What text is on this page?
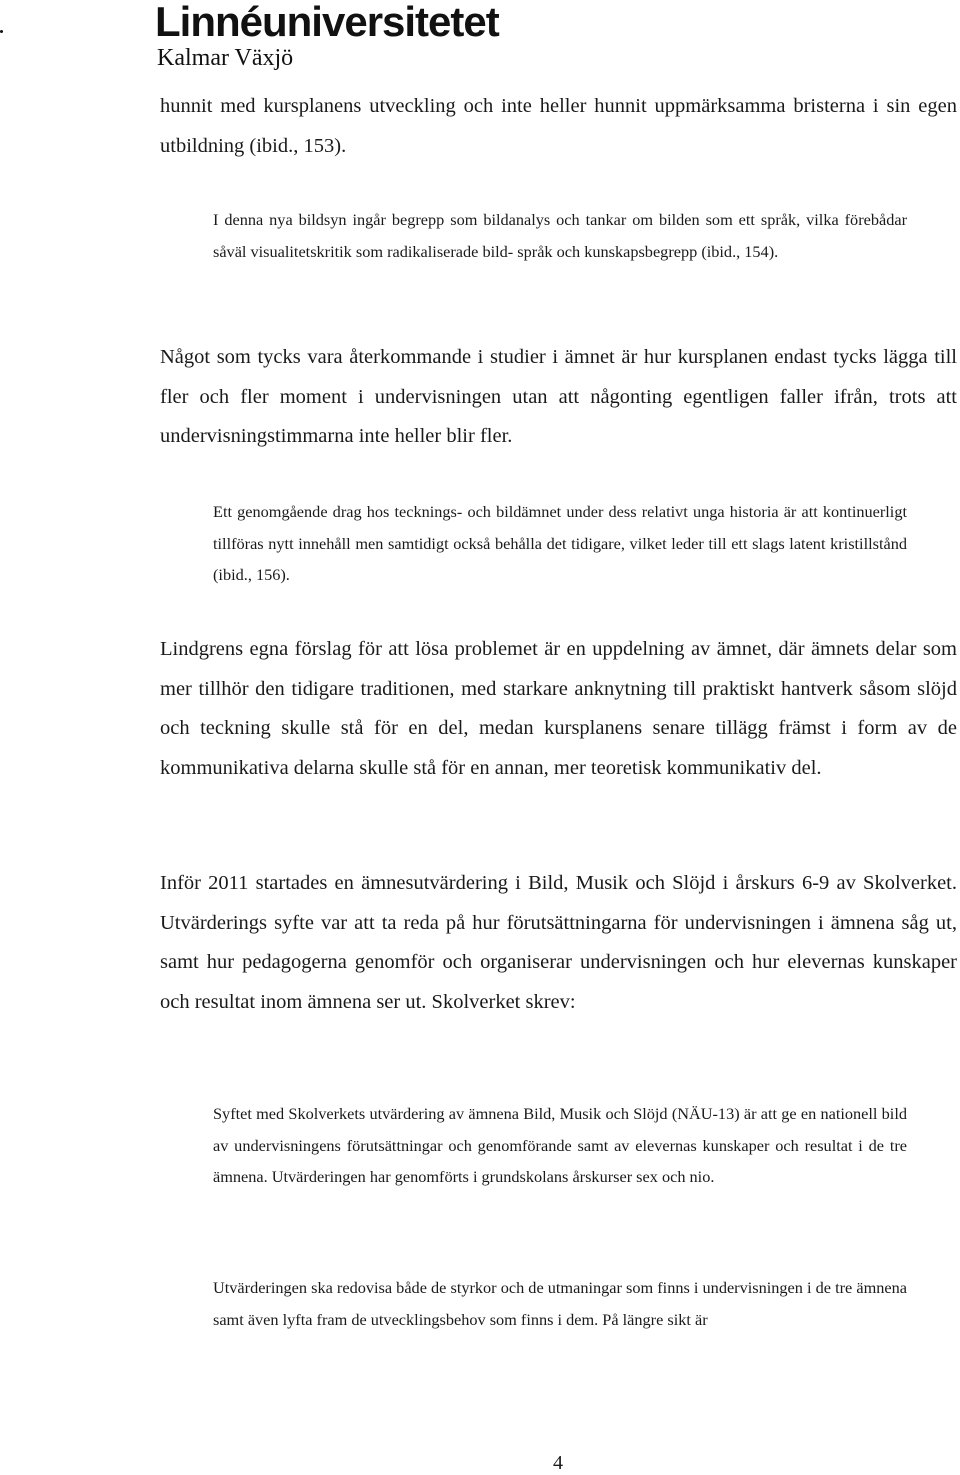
Linnéuniversitetet
Kalmar Växjö

hunnit med kursplanens utveckling och inte heller hunnit uppmärksamma bristerna i sin egen utbildning (ibid., 153).

I denna nya bildsyn ingår begrepp som bildanalys och tankar om bilden som ett språk, vilka förebådar såväl visualitetskritik som radikaliserade bild- språk och kunskapsbegrepp (ibid., 154).

Något som tycks vara återkommande i studier i ämnet är hur kursplanen endast tycks lägga till fler och fler moment i undervisningen utan att någonting egentligen faller ifrån, trots att undervisningstimmarna inte heller blir fler.

Ett genomgående drag hos tecknings- och bildämnet under dess relativt unga historia är att kontinuerligt tillföras nytt innehåll men samtidigt också behålla det tidigare, vilket leder till ett slags latent kristillstånd (ibid., 156).

Lindgrens egna förslag för att lösa problemet är en uppdelning av ämnet, där ämnets delar som mer tillhör den tidigare traditionen, med starkare anknytning till praktiskt hantverk såsom slöjd och teckning skulle stå för en del, medan kursplanens senare tillägg främst i form av de kommunikativa delarna skulle stå för en annan, mer teoretisk kommunikativ del.

Inför 2011 startades en ämnesutvärdering i Bild, Musik och Slöjd i årskurs 6-9 av Skolverket. Utvärderings syfte var att ta reda på hur förutsättningarna för undervisningen i ämnena såg ut, samt hur pedagogerna genomför och organiserar undervisningen och hur elevernas kunskaper och resultat inom ämnena ser ut. Skolverket skrev:

Syftet med Skolverkets utvärdering av ämnena Bild, Musik och Slöjd (NÄU-13) är att ge en nationell bild av undervisningens förutsättningar och genomförande samt av elevernas kunskaper och resultat i de tre ämnena. Utvärderingen har genomförts i grundskolans årskurser sex och nio.

Utvärderingen ska redovisa både de styrkor och de utmaningar som finns i undervisningen i de tre ämnena samt även lyfta fram de utvecklingsbehov som finns i dem. På längre sikt är

4
